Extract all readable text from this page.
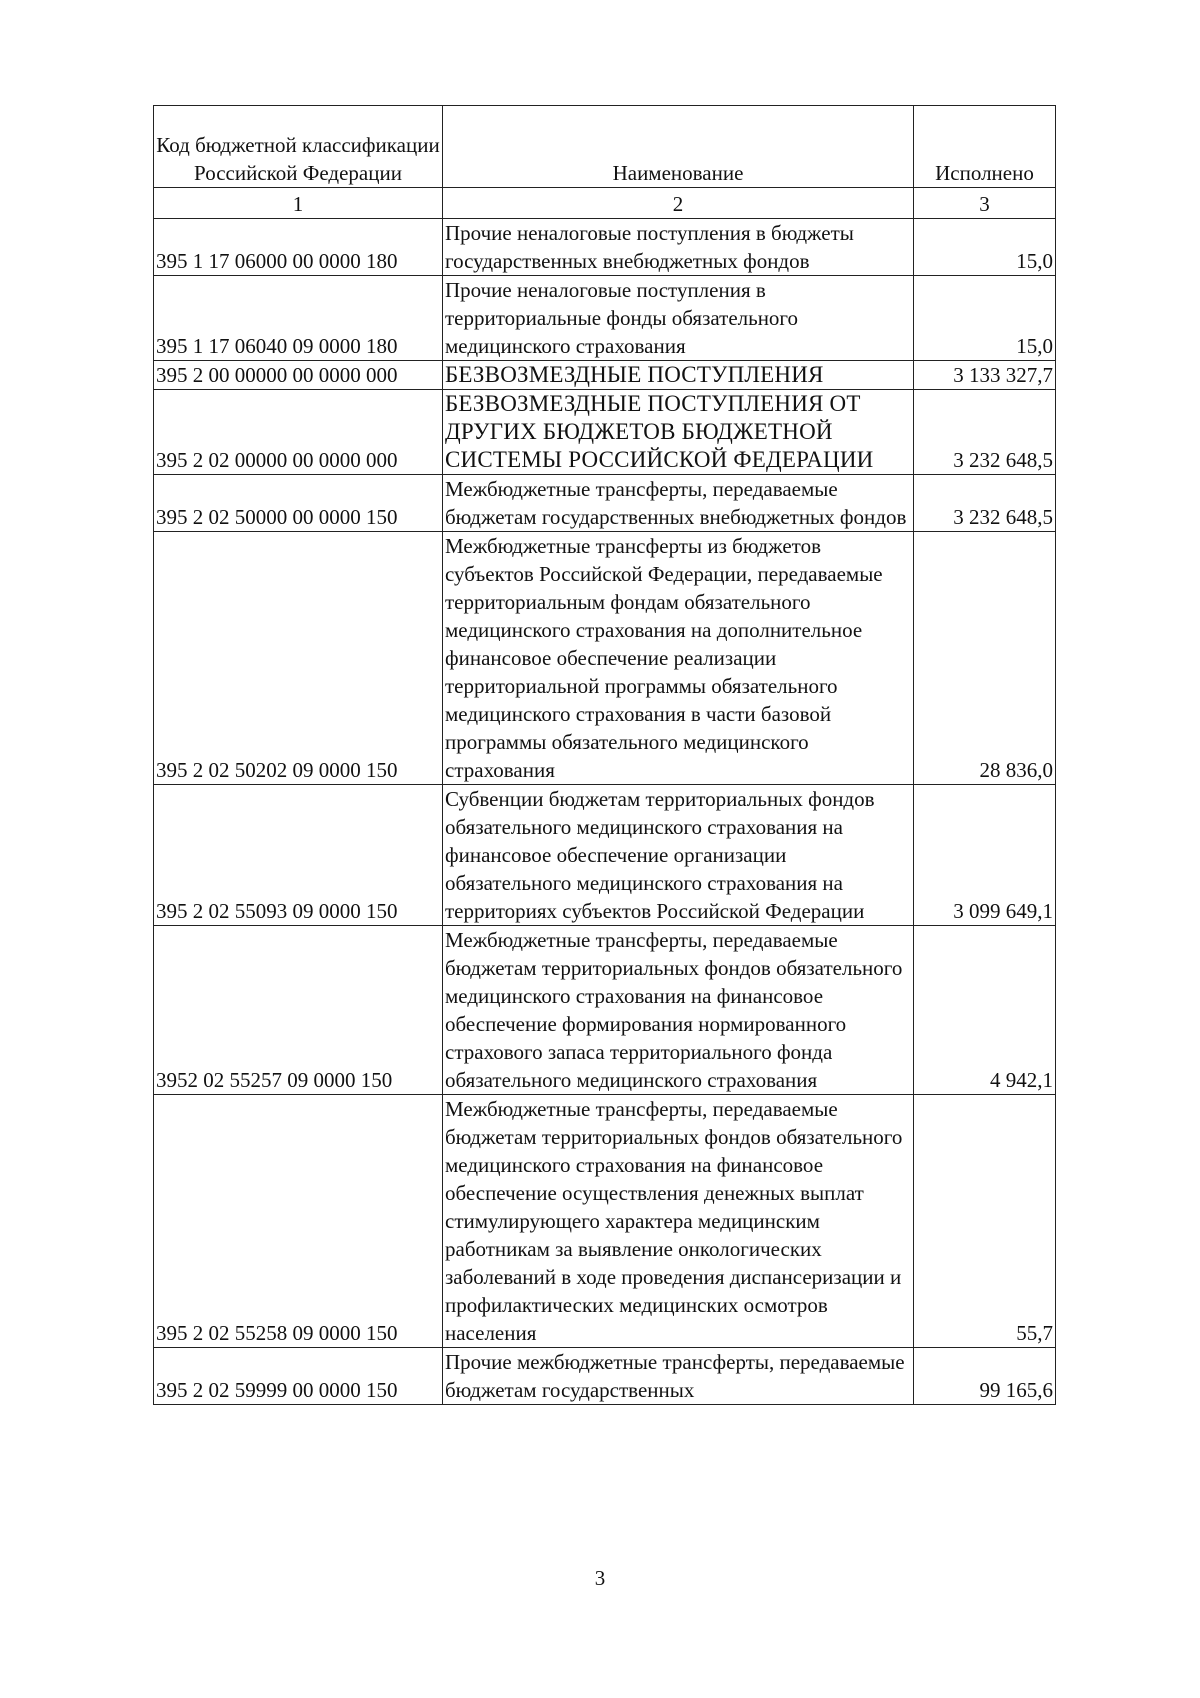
Код бюджетной классификации Российской Федерации	Наименование	Исполнено
1	2	3
395 1 17 06000 00 0000 180	Прочие неналоговые поступления в бюджеты государственных внебюджетных фондов	15,0
395 1 17 06040 09 0000 180	Прочие неналоговые поступления в территориальные фонды обязательного медицинского страхования	15,0
395 2 00 00000 00 0000 000	БЕЗВОЗМЕЗДНЫЕ ПОСТУПЛЕНИЯ	3 133 327,7
395 2 02 00000 00 0000 000	БЕЗВОЗМЕЗДНЫЕ ПОСТУПЛЕНИЯ ОТ ДРУГИХ БЮДЖЕТОВ БЮДЖЕТНОЙ СИСТЕМЫ РОССИЙСКОЙ ФЕДЕРАЦИИ	3 232 648,5
395 2 02 50000 00 0000 150	Межбюджетные трансферты, передаваемые бюджетам государственных внебюджетных фондов	3 232 648,5
395 2 02 50202 09 0000 150	Межбюджетные трансферты из бюджетов субъектов Российской Федерации, передаваемые территориальным фондам обязательного медицинского страхования на дополнительное финансовое обеспечение реализации территориальной программы обязательного медицинского страхования в части базовой программы обязательного медицинского страхования	28 836,0
395 2 02 55093 09 0000 150	Субвенции бюджетам территориальных фондов обязательного медицинского страхования на финансовое обеспечение организации обязательного медицинского страхования на территориях субъектов Российской Федерации	3 099 649,1
3952 02 55257 09 0000 150	Межбюджетные трансферты, передаваемые бюджетам территориальных фондов обязательного медицинского страхования на финансовое обеспечение формирования нормированного страхового запаса территориального фонда обязательного медицинского страхования	4 942,1
395 2 02 55258 09 0000 150	Межбюджетные трансферты, передаваемые бюджетам территориальных фондов обязательного медицинского страхования на финансовое обеспечение осуществления денежных выплат стимулирующего характера медицинским работникам за выявление онкологических заболеваний в ходе проведения диспансеризации и профилактических медицинских осмотров населения	55,7
395 2 02 59999 00 0000 150	Прочие межбюджетные трансферты, передаваемые бюджетам государственных	99 165,6
3
